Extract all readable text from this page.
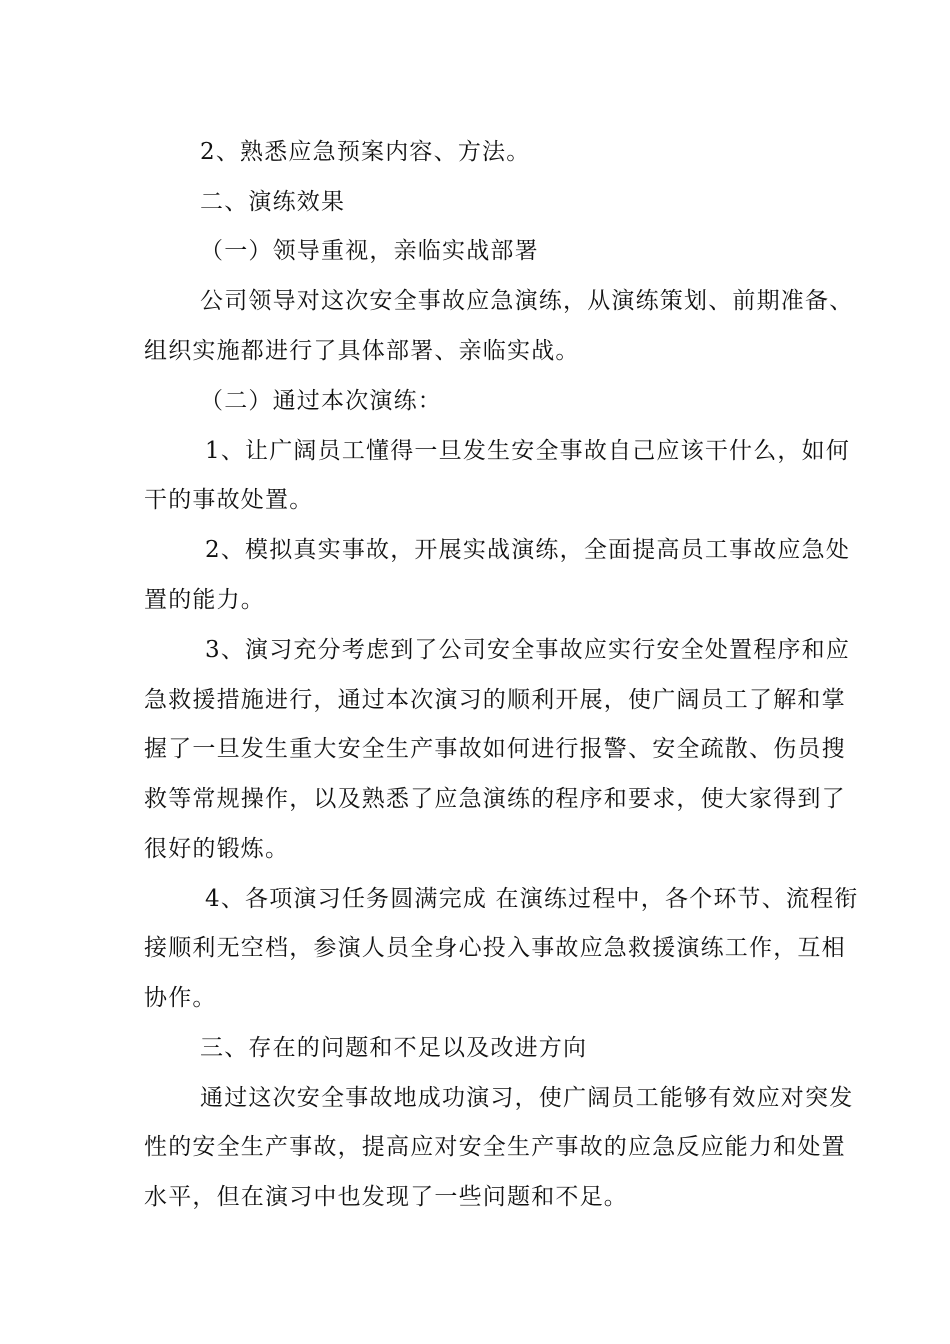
2、熟悉应急预案内容、方法。
二、演练效果
（一）领导重视，亲临实战部署
公司领导对这次安全事故应急演练，从演练策划、前期准备、
组织实施都进行了具体部署、亲临实战。
（二）通过本次演练：
1、让广阔员工懂得一旦发生安全事故自己应该干什么，如何
干的事故处置。
2、模拟真实事故，开展实战演练，全面提高员工事故应急处
置的能力。
3、演习充分考虑到了公司安全事故应实行安全处置程序和应
急救援措施进行，通过本次演习的顺利开展，使广阔员工了解和掌
握了一旦发生重大安全生产事故如何进行报警、安全疏散、伤员搜
救等常规操作，以及熟悉了应急演练的程序和要求，使大家得到了
很好的锻炼。
4、各项演习任务圆满完成 在演练过程中，各个环节、流程衔
接顺利无空档，参演人员全身心投入事故应急救援演练工作，互相
协作。
三、存在的问题和不足以及改进方向
通过这次安全事故地成功演习，使广阔员工能够有效应对突发
性的安全生产事故，提高应对安全生产事故的应急反应能力和处置
水平，但在演习中也发现了一些问题和不足。
